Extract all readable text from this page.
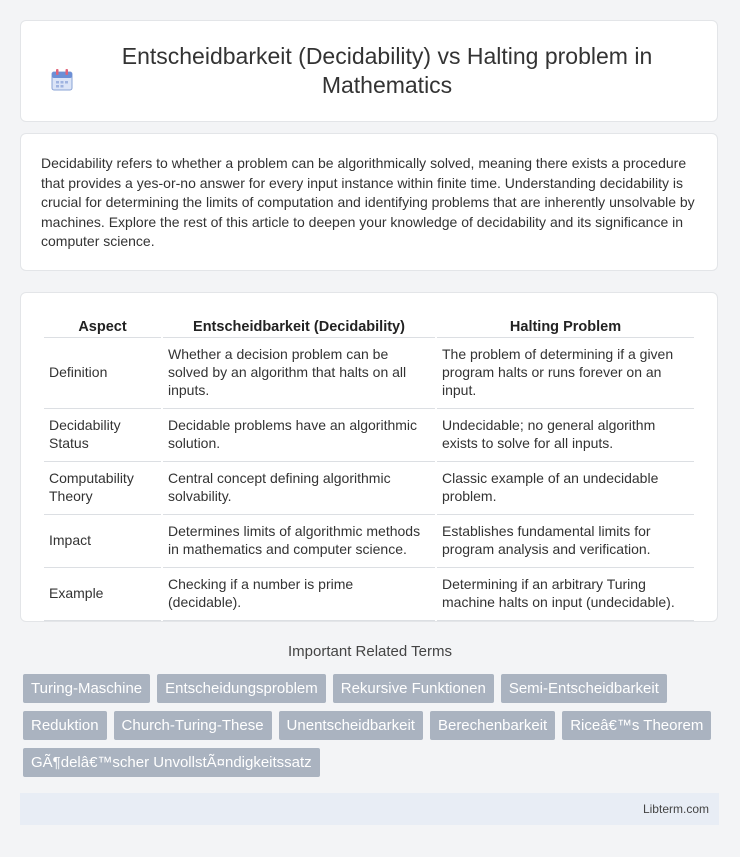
Entscheidbarkeit (Decidability) vs Halting problem in Mathematics

Decidability refers to whether a problem can be algorithmically solved, meaning there exists a procedure that provides a yes-or-no answer for every input instance within finite time. Understanding decidability is crucial for determining the limits of computation and identifying problems that are inherently unsolvable by machines. Explore the rest of this article to deepen your knowledge of decidability and its significance in computer science.

Aspect	Entscheidbarkeit (Decidability)	Halting Problem
Definition	Whether a decision problem can be solved by an algorithm that halts on all inputs.	The problem of determining if a given program halts or runs forever on an input.
Decidability Status	Decidable problems have an algorithmic solution.	Undecidable; no general algorithm exists to solve for all inputs.
Computability Theory	Central concept defining algorithmic solvability.	Classic example of an undecidable problem.
Impact	Determines limits of algorithmic methods in mathematics and computer science.	Establishes fundamental limits for program analysis and verification.
Example	Checking if a number is prime (decidable).	Determining if an arbitrary Turing machine halts on input (undecidable).
Important Related Terms
Turing-Maschine	Entscheidungsproblem	Rekursive Funktionen	Semi-Entscheidbarkeit
Reduktion	Church-Turing-These	Unentscheidbarkeit	Berechenbarkeit	Riceâ€™s Theorem
GÃ¶delâ€™scher UnvollstÃ¤ndigkeitssatz
Libterm.com
